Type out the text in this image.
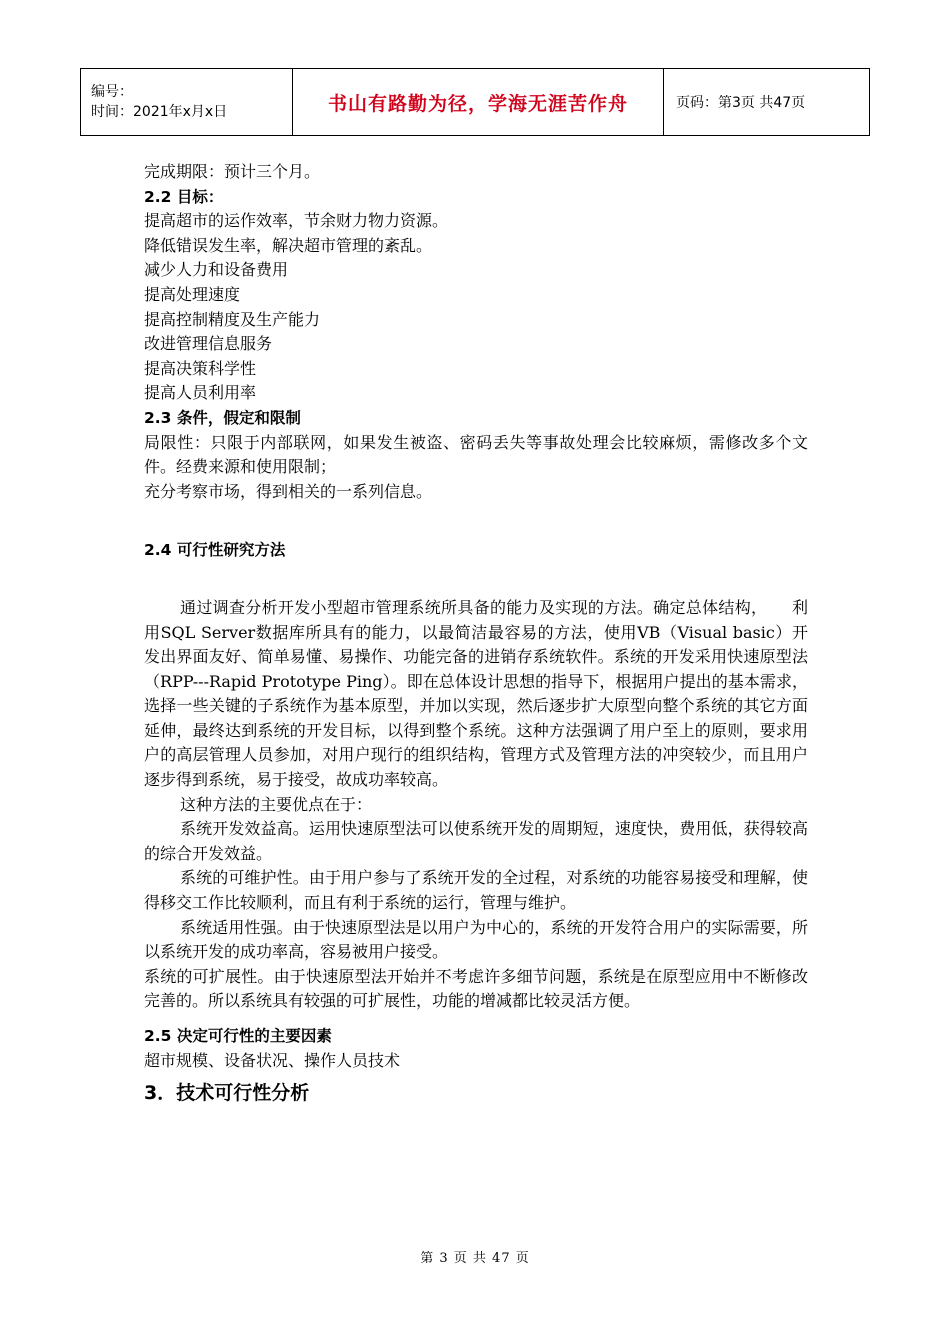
编号：
时间：2021年x月x日	书山有路勤为径，学海无涯苦作舟	页码：第3页 共47页

完成期限：预计三个月。

2.2 目标：

提高超市的运作效率，节余财力物力资源。

降低错误发生率，解决超市管理的紊乱。

减少人力和设备费用

提高处理速度

提高控制精度及生产能力

改进管理信息服务

提高决策科学性

提高人员利用率

2.3 条件，假定和限制

局限性：只限于内部联网，如果发生被盗、密码丢失等事故处理会比较麻烦，需修改多个文件。经费来源和使用限制；

充分考察市场，得到相关的一系列信息。

2.4 可行性研究方法

通过调查分析开发小型超市管理系统所具备的能力及实现的方法。确定总体结构，　　利用SQL Server数据库所具有的能力，以最简洁最容易的方法，使用VB（Visual basic）开 发出界面友好、简单易懂、易操作、功能完备的进销存系统软件。系统的开发采用快速原型法（RPP---Rapid Prototype Ping）。即在总体设计思想的指导下，根据用户提出的基本需求，选择一些关键的子系统作为基本原型，并加以实现，然后逐步扩大原型向整个系统的其它方面延伸，最终达到系统的开发目标，以得到整个系统。这种方法强调了用户至上的原则，要求用户的高层管理人员参加，对用户现行的组织结构，管理方式及管理方法的冲突较少，而且用户逐步得到系统，易于接受，故成功率较高。

这种方法的主要优点在于：

系统开发效益高。运用快速原型法可以使系统开发的周期短，速度快，费用低，获得较高的综合开发效益。

系统的可维护性。由于用户参与了系统开发的全过程，对系统的功能容易接受和理解，使得移交工作比较顺利，而且有利于系统的运行，管理与维护。

系统适用性强。由于快速原型法是以用户为中心的，系统的开发符合用户的实际需要，所以系统开发的成功率高，容易被用户接受。

系统的可扩展性。由于快速原型法开始并不考虑许多细节问题，系统是在原型应用中不断修改完善的。所以系统具有较强的可扩展性，功能的增减都比较灵活方便。

2.5 决定可行性的主要因素

超市规模、设备状况、操作人员技术

3．技术可行性分析

第 3 页 共 47 页
